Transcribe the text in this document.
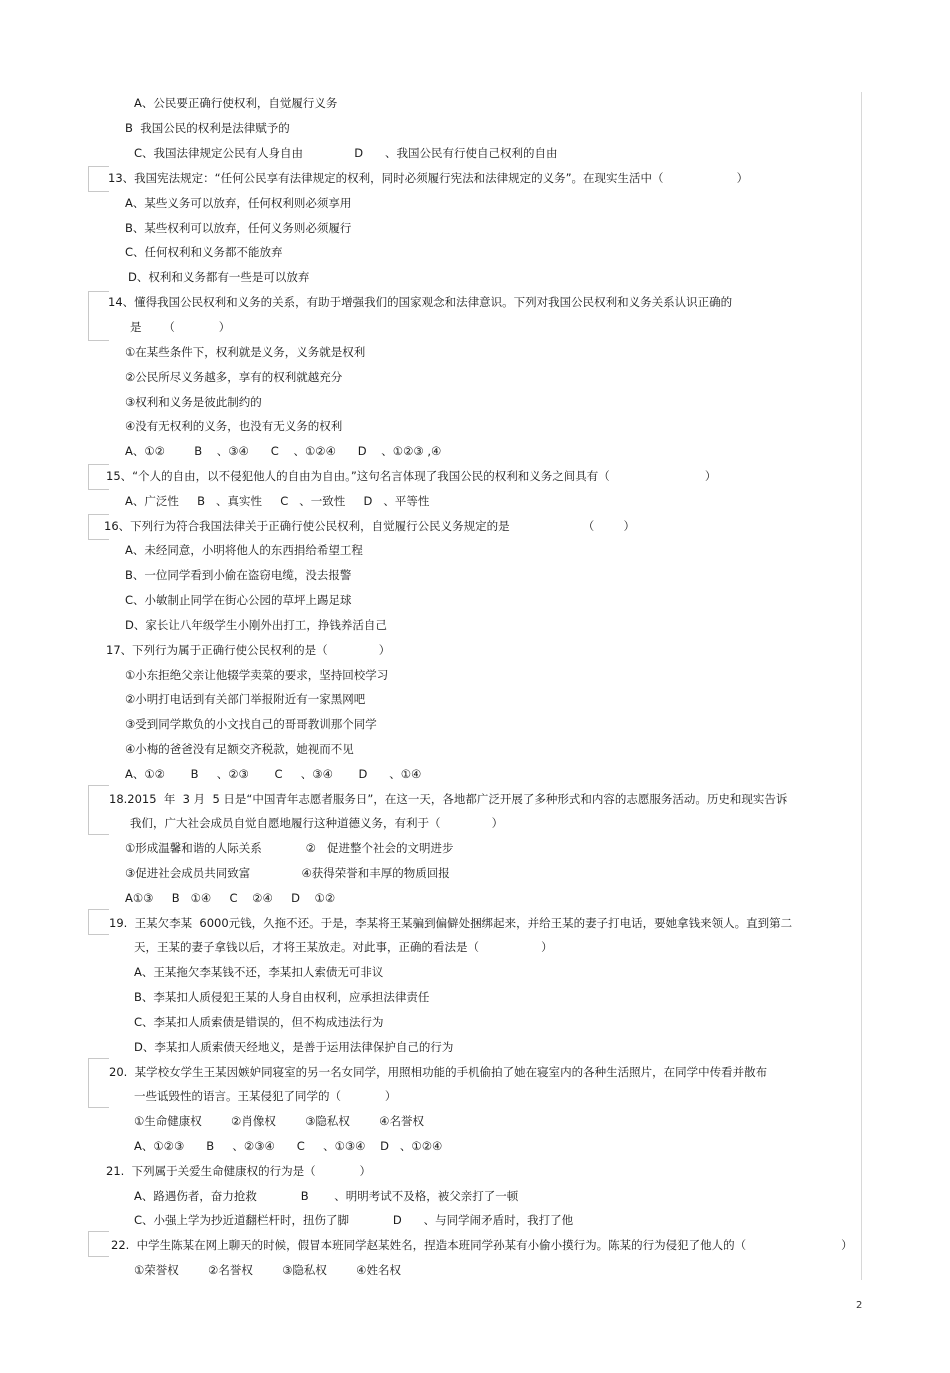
A、公民要正确行使权利，自觉履行义务
B  我国公民的权利是法律赋予的
C、我国法律规定公民有人身自由              D      、我国公民有行使自己权利的自由
13、我国宪法规定：“任何公民享有法律规定的权利，同时必须履行宪法和法律规定的义务”。在现实生活中（                    ）
A、某些义务可以放弃，任何权利则必须享用
B、某些权利可以放弃，任何义务则必须履行
C、任何权利和义务都不能放弃
D、权利和义务都有一些是可以放弃
14、懂得我国公民权利和义务的关系，有助于增强我们的国家观念和法律意识。下列对我国公民权利和义务关系认识正确的
是      （            ）
①在某些条件下，权利就是义务，义务就是权利
②公民所尽义务越多，享有的权利就越充分
③权利和义务是彼此制约的
④没有无权利的义务，也没有无义务的权利
A、①②        B    、③④      C    、①②④      D    、①②③ ,④
15、“个人的自由，以不侵犯他人的自由为自由。”这句名言体现了我国公民的权利和义务之间具有（                          ）
A、广泛性     B   、真实性     C   、一致性     D   、平等性
16、下列行为符合我国法律关于正确行使公民权利，自觉履行公民义务规定的是                    （        ）
A、未经同意，小明将他人的东西捐给希望工程
B、一位同学看到小偷在盗窃电缆，没去报警
C、小敏制止同学在街心公园的草坪上踢足球
D、家长让八年级学生小刚外出打工，挣钱养活自己
17、下列行为属于正确行使公民权利的是（              ）
①小东拒绝父亲让他辍学卖菜的要求，坚持回校学习
②小明打电话到有关部门举报附近有一家黑网吧
③受到同学欺负的小文找自己的哥哥教训那个同学
④小梅的爸爸没有足额交齐税款，她视而不见
A、①②       B     、②③       C     、③④       D      、①④
18.2015  年  3 月  5 日是“中国青年志愿者服务日”，在这一天，各地都广泛开展了多种形式和内容的志愿服务活动。历史和现实告诉
我们，广大社会成员自觉自愿地履行这种道德义务，有利于（              ）
①形成温馨和谐的人际关系            ②   促进整个社会的文明进步
③促进社会成员共同致富              ④获得荣誉和丰厚的物质回报
A①③     B   ①④     C    ②④     D    ①②
19.  王某欠李某  6000元钱，久拖不还。于是，李某将王某骗到偏僻处捆绑起来，并给王某的妻子打电话，要她拿钱来领人。直到第二
天，王某的妻子拿钱以后，才将王某放走。对此事，正确的看法是（                 ）
A、王某拖欠李某钱不还，李某扣人索债无可非议
B、李某扣人质侵犯王某的人身自由权利，应承担法律责任
C、李某扣人质索债是错误的，但不构成违法行为
D、李某扣人质索债天经地义，是善于运用法律保护自己的行为
20.  某学校女学生王某因嫉妒同寝室的另一名女同学，用照相功能的手机偷拍了她在寝室内的各种生活照片，在同学中传看并散布
一些诋毁性的语言。王某侵犯了同学的（            ）
①生命健康权        ②肖像权        ③隐私权        ④名誉权
A、①②③      B     、②③④      C     、①③④    D   、①②④
21.  下列属于关爱生命健康权的行为是（            ）
A、路遇伤者，奋力抢救            B       、明明考试不及格，被父亲打了一顿
C、小强上学为抄近道翻栏杆时，扭伤了脚            D      、与同学闹矛盾时，我打了他
22.  中学生陈某在网上聊天的时候，假冒本班同学赵某姓名，捏造本班同学孙某有小偷小摸行为。陈某的行为侵犯了他人的（                          ）
①荣誉权        ②名誉权        ③隐私权        ④姓名权
2
